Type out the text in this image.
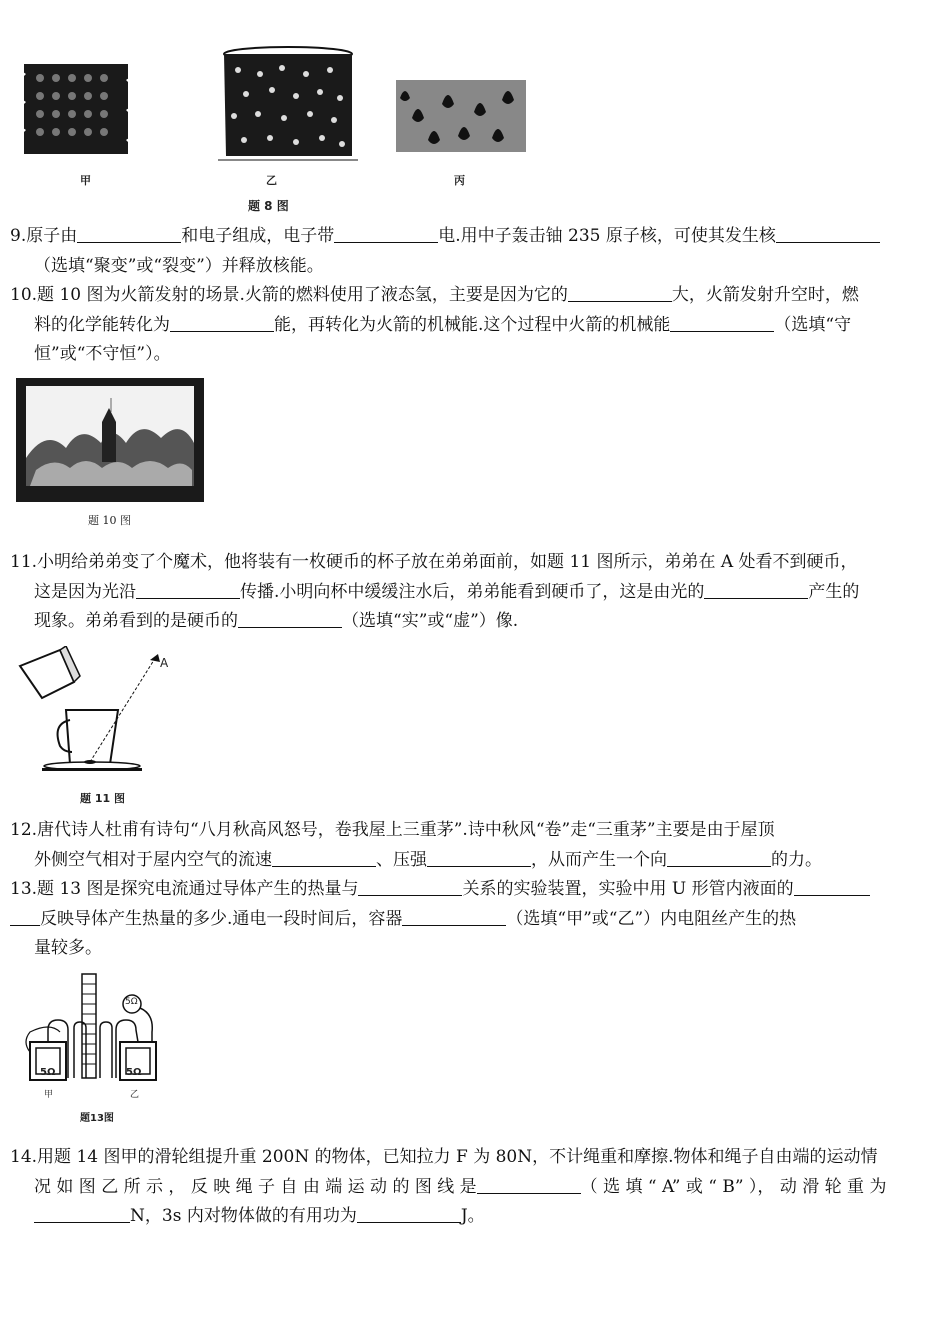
甲	乙	丙
题 8 图
9.原子由	和电子组成，电子带	电.用中子轰击铀 235 原子核，可使其发生核
（选填“聚变”或“裂变”）并释放核能。
10.题 10 图为火箭发射的场景.火箭的燃料使用了液态氢，主要是因为它的	大，火箭发射升空时，燃
料的化学能转化为	能，再转化为火箭的机械能.这个过程中火箭的机械能	（选填“守
恒”或“不守恒”）。
题 10 图
11.小明给弟弟变了个魔术，他将装有一枚硬币的杯子放在弟弟面前，如题 11 图所示，弟弟在 A 处看不到硬币，
这是因为光沿	传播.小明向杯中缓缓注水后，弟弟能看到硬币了，这是由光的	产生的
现象。弟弟看到的是硬币的	（选填“实”或“虚”）像.
A
题 11 图
12.唐代诗人杜甫有诗句“八月秋高风怒号，卷我屋上三重茅”.诗中秋风“卷”走“三重茅”主要是由于屋顶
外侧空气相对于屋内空气的流速	、压强	，从而产生一个向	的力。
13.题 13 图是探究电流通过导体产生的热量与	关系的实验装置，实验中用 U 形管内液面的
反映导体产生热量的多少.通电一段时间后，容器	（选填“甲”或“乙”）内电阻丝产生的热
量较多。
5Ω	5Ω
5Ω
甲	乙
题13图
14.用题 14 图甲的滑轮组提升重 200N 的物体，已知拉力 F 为 80N，不计绳重和摩擦.物体和绳子自由端的运动情
况 如 图 乙 所 示 ， 反 映 绳 子 自 由 端 运 动 的 图 线 是	（ 选 填 “ A” 或 “ B” ）， 动 滑 轮 重 为
N，3s 内对物体做的有用功为	J。
